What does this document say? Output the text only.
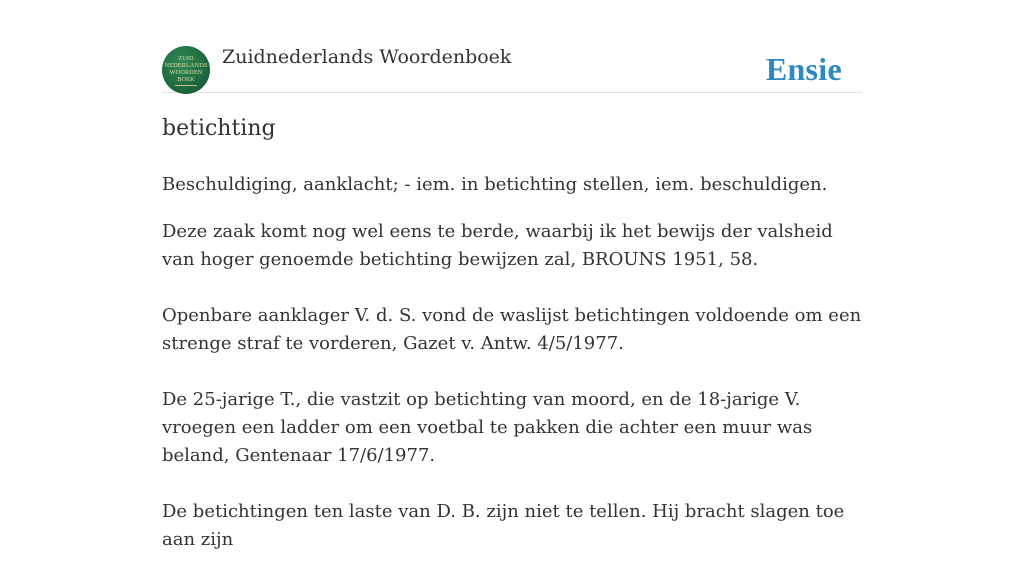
ZUID
NEDERLANDS
WOORDEN
BOEK
Zuidnederlands Woordenboek	Ensie
betichting

Beschuldiging, aanklacht; - iem. in betichting stellen, iem. beschuldigen.

Deze zaak komt nog wel eens te berde, waarbij ik het bewijs der valsheid van hoger genoemde betichting bewijzen zal, BROUNS 1951, 58.

Openbare aanklager V. d. S. vond de waslijst betichtingen voldoende om een strenge straf te vorderen, Gazet v. Antw. 4/5/1977.

De 25-jarige T., die vastzit op betichting van moord, en de 18-jarige V. vroegen een ladder om een voetbal te pakken die achter een muur was beland, Gentenaar 17/6/1977.

De betichtingen ten laste van D. B. zijn niet te tellen. Hij bracht slagen toe aan zijn
